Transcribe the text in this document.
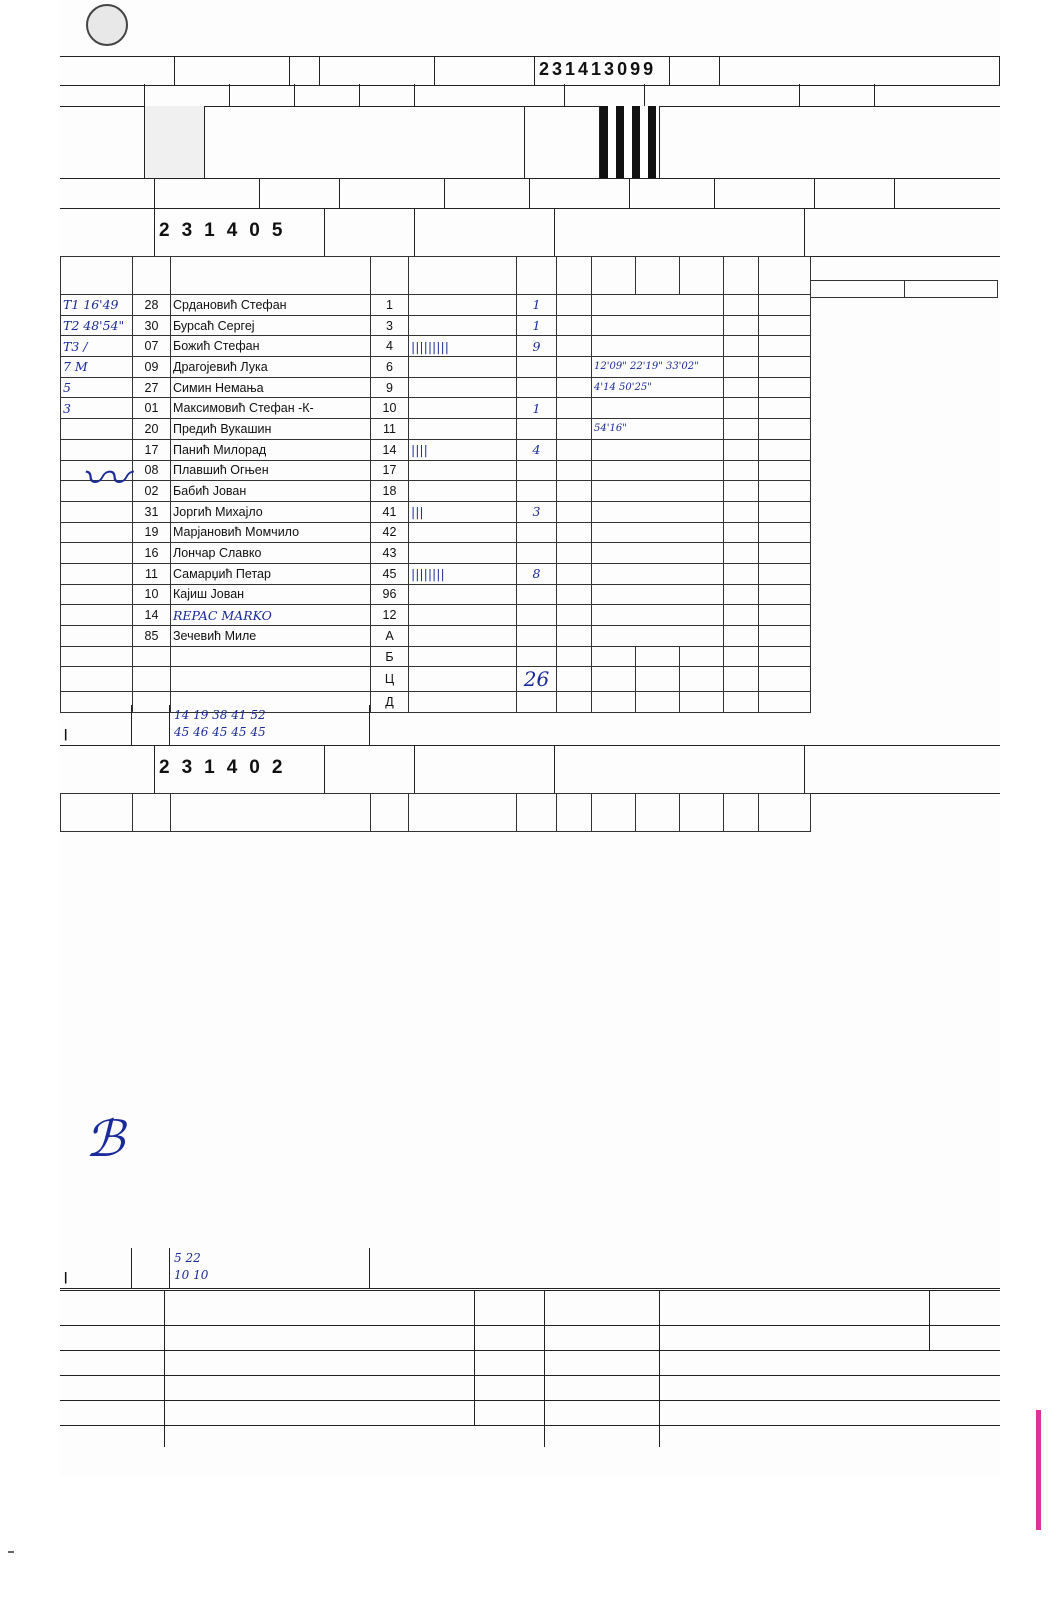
231413099
231405

T1 16'49	28	Срдановић Стефан	1		1						
T2 48'54"	30	Бурсаћ Сергеј	3		1						
T3 /	07	Божић Стефан	4	|||||||||	9						
7 М	09	Драгојевић Лука	6				12'09" 22'19" 33'02"				
5	27	Симин Немања	9				4'14 50'25"				
3	01	Максимовић Стефан -К-	10		1						
	20	Предић Вукашин	11				54'16"				
	17	Панић Милорад	14	||||	4						
	08	Плавшић Огњен	17								
	02	Бабић Јован	18								
	31	Јоргић Михајло	41	|||	3						
	19	Марјановић Момчило	42								
	16	Лончар Славко	43								
	11	Самарџић Петар	45	||||||||	8						
	10	Кајиш Јован	96								
	14	REPAC MARKO	12								
	85	Зечевић Миле	А								
			Б								
			Ц		26						
			Д								
〰

|
14 19 38 41 52
45 46 45 45 45
231402

ℬ

|
5 22
10 10
